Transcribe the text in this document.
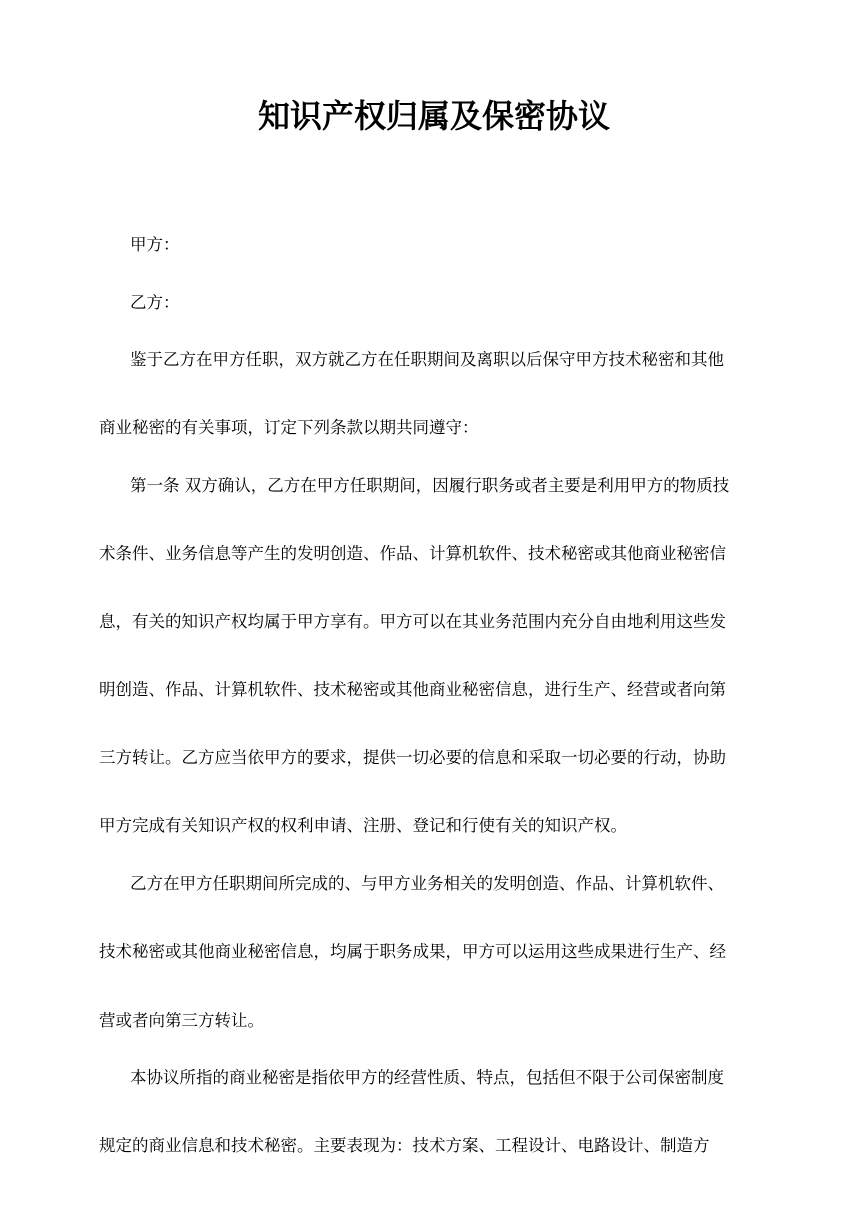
知识产权归属及保密协议

甲方：

乙方：

鉴于乙方在甲方任职，双方就乙方在任职期间及离职以后保守甲方技术秘密和其他

商业秘密的有关事项，订定下列条款以期共同遵守：

第一条 双方确认，乙方在甲方任职期间，因履行职务或者主要是利用甲方的物质技

术条件、业务信息等产生的发明创造、作品、计算机软件、技术秘密或其他商业秘密信

息，有关的知识产权均属于甲方享有。甲方可以在其业务范围内充分自由地利用这些发

明创造、作品、计算机软件、技术秘密或其他商业秘密信息，进行生产、经营或者向第

三方转让。乙方应当依甲方的要求，提供一切必要的信息和采取一切必要的行动，协助

甲方完成有关知识产权的权利申请、注册、登记和行使有关的知识产权。

乙方在甲方任职期间所完成的、与甲方业务相关的发明创造、作品、计算机软件、

技术秘密或其他商业秘密信息，均属于职务成果，甲方可以运用这些成果进行生产、经

营或者向第三方转让。

本协议所指的商业秘密是指依甲方的经营性质、特点，包括但不限于公司保密制度

规定的商业信息和技术秘密。主要表现为：技术方案、工程设计、电路设计、制造方
